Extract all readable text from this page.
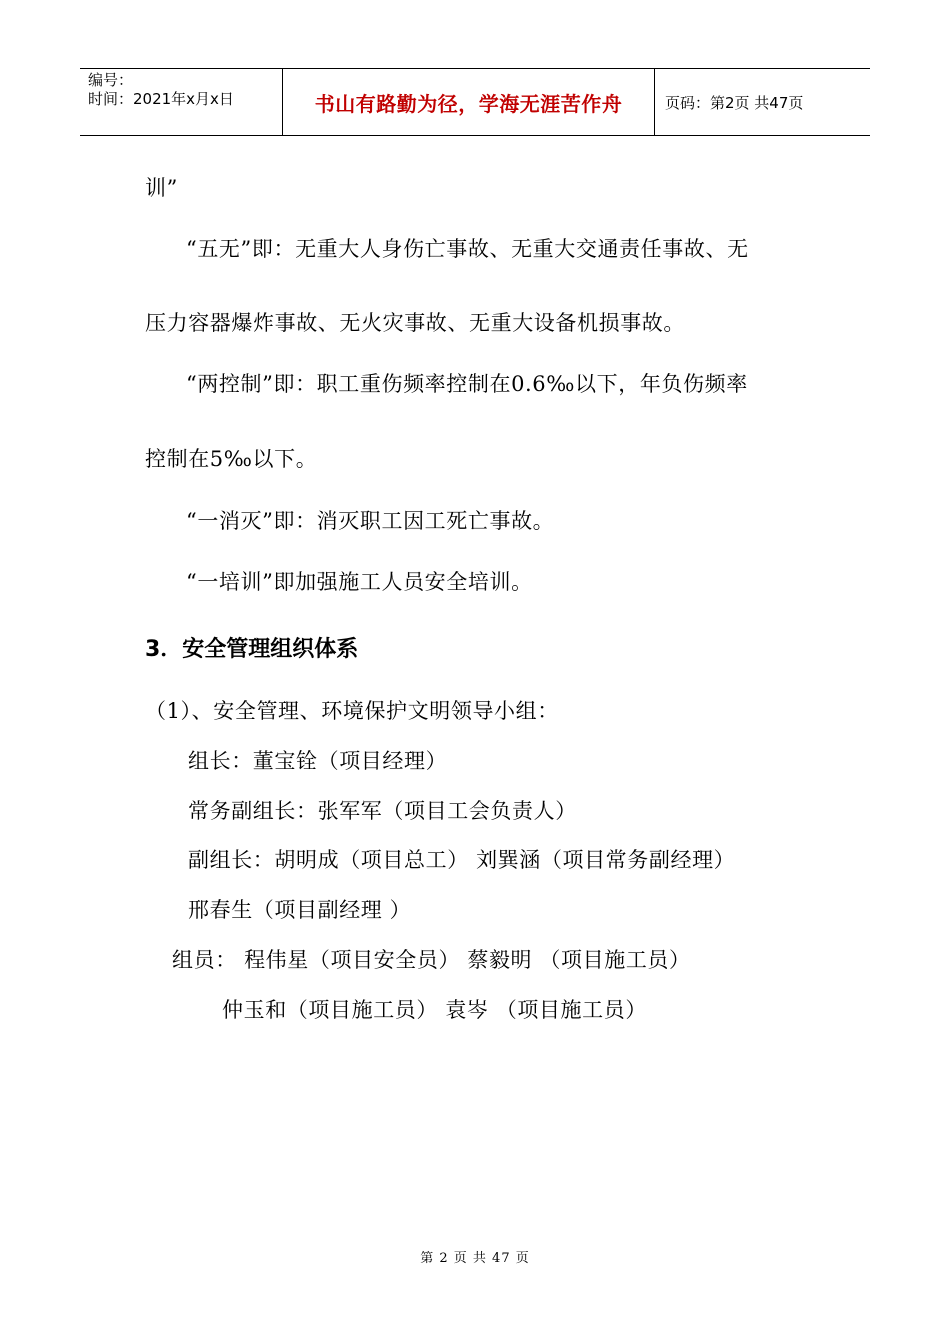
编号：
时间：2021年x月x日	书山有路勤为径，学海无涯苦作舟	页码：第2页 共47页
训”
“五无”即：无重大人身伤亡事故、无重大交通责任事故、无
压力容器爆炸事故、无火灾事故、无重大设备机损事故。
“两控制”即：职工重伤频率控制在0.6‰以下，年负伤频率
控制在5‰以下。
“一消灭”即：消灭职工因工死亡事故。
“一培训”即加强施工人员安全培训。
3．安全管理组织体系
（1）、安全管理、环境保护文明领导小组：
组长：董宝铨（项目经理）
常务副组长：张军军（项目工会负责人）
副组长：胡明成（项目总工） 刘巽涵（项目常务副经理）
邢春生（项目副经理 ）
组员： 程伟星（项目安全员） 蔡毅明 （项目施工员）
仲玉和（项目施工员） 袁岑 （项目施工员）
第 2 页 共 47 页
